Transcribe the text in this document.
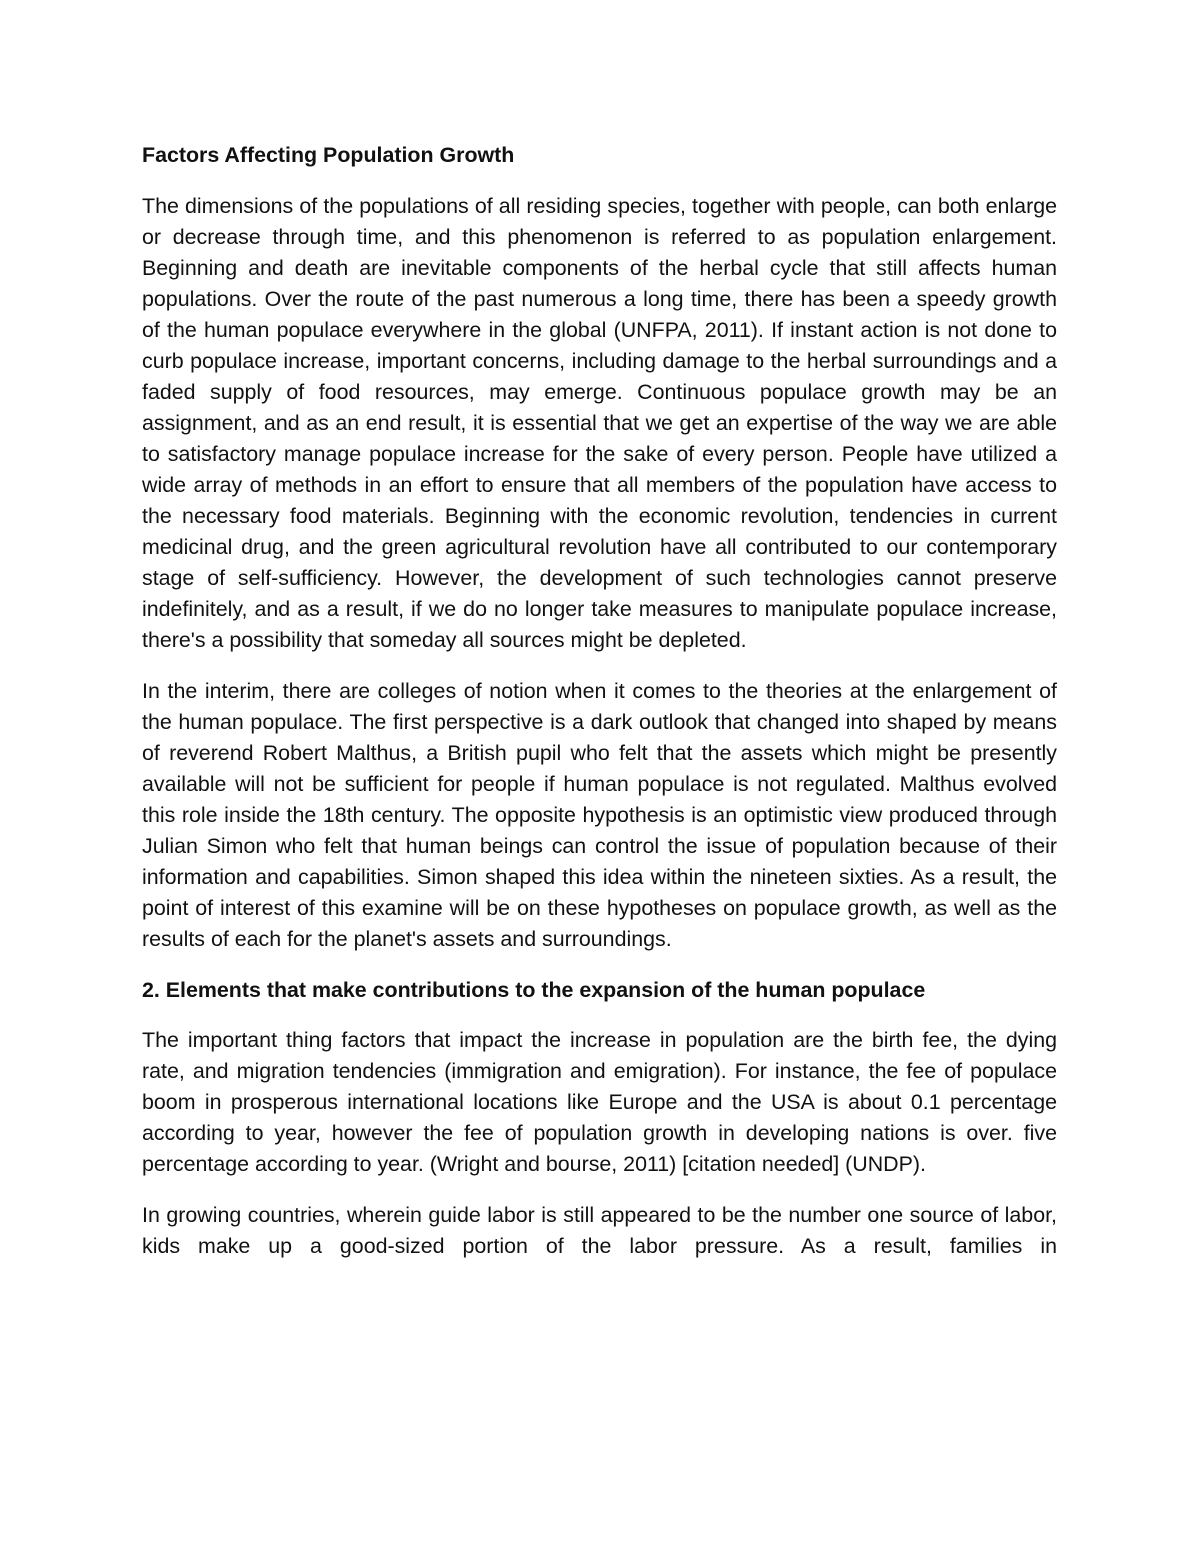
Factors Affecting Population Growth

The dimensions of the populations of all residing species, together with people, can both enlarge or decrease through time, and this phenomenon is referred to as population enlargement. Beginning and death are inevitable components of the herbal cycle that still affects human populations. Over the route of the past numerous a long time, there has been a speedy growth of the human populace everywhere in the global (UNFPA, 2011). If instant action is not done to curb populace increase, important concerns, including damage to the herbal surroundings and a faded supply of food resources, may emerge. Continuous populace growth may be an assignment, and as an end result, it is essential that we get an expertise of the way we are able to satisfactory manage populace increase for the sake of every person. People have utilized a wide array of methods in an effort to ensure that all members of the population have access to the necessary food materials. Beginning with the economic revolution, tendencies in current medicinal drug, and the green agricultural revolution have all contributed to our contemporary stage of self-sufficiency. However, the development of such technologies cannot preserve indefinitely, and as a result, if we do no longer take measures to manipulate populace increase, there's a possibility that someday all sources might be depleted.

In the interim, there are colleges of notion when it comes to the theories at the enlargement of the human populace. The first perspective is a dark outlook that changed into shaped by means of reverend Robert Malthus, a British pupil who felt that the assets which might be presently available will not be sufficient for people if human populace is not regulated. Malthus evolved this role inside the 18th century. The opposite hypothesis is an optimistic view produced through Julian Simon who felt that human beings can control the issue of population because of their information and capabilities. Simon shaped this idea within the nineteen sixties. As a result, the point of interest of this examine will be on these hypotheses on populace growth, as well as the results of each for the planet's assets and surroundings.

2. Elements that make contributions to the expansion of the human populace

The important thing factors that impact the increase in population are the birth fee, the dying rate, and migration tendencies (immigration and emigration). For instance, the fee of populace boom in prosperous international locations like Europe and the USA is about 0.1 percentage according to year, however the fee of population growth in developing nations is over. five percentage according to year. (Wright and bourse, 2011) [citation needed] (UNDP).

In growing countries, wherein guide labor is still appeared to be the number one source of labor, kids make up a good-sized portion of the labor pressure. As a result, families in
